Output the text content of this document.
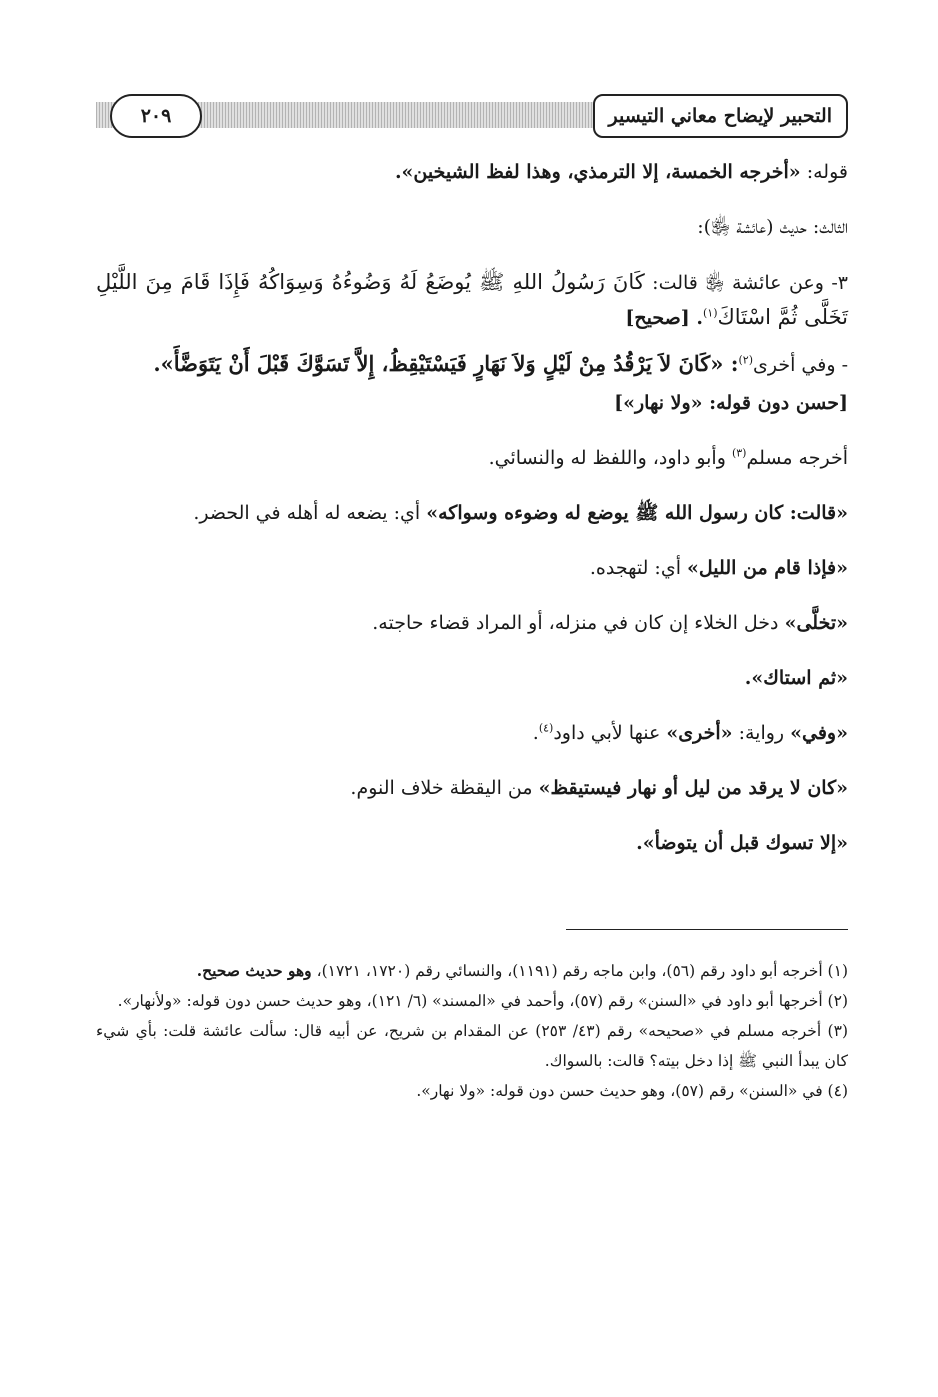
التحبير لإيضاح معاني التيسير
٢٠٩

قوله: «أخرجه الخمسة، إلا الترمذي، وهذا لفظ الشيخين».

الثالث: حديث (عائشة ﵂):

٣- وعن عائشة ﵂ قالت: كَانَ رَسُولُ اللهِ ﷺ يُوضَعُ لَهُ وَضُوءُهُ وَسِوَاكُهُ فَإِذَا قَامَ مِنَ اللَّيْلِ تَخَلَّى ثُمَّ اسْتَاكَ$^{(١)}$. [صحيح]

- وفي أخرى$^{(٢)}$: «كَانَ لاَ يَرْقُدُ مِنْ لَيْلٍ وَلاَ نَهَارٍ فَيَسْتَيْقِظُ، إِلاَّ تَسَوَّكَ قَبْلَ أَنْ يَتَوَضَّأَ».

[حسن دون قوله: «ولا نهار»]

أخرجه مسلم$^{(٣)}$ وأبو داود، واللفظ له والنسائي.

«قالت: كان رسول الله ﷺ يوضع له وضوءه وسواكه» أي: يضعه له أهله في الحضر.

«فإذا قام من الليل» أي: لتهجده.

«تخلَّى» دخل الخلاء إن كان في منزله، أو المراد قضاء حاجته.

«ثم استاك».

«وفي» رواية: «أخرى» عنها لأبي داود$^{(٤)}$.

«كان لا يرقد من ليل أو نهار فيستيقظ» من اليقظة خلاف النوم.

«إلا تسوك قبل أن يتوضأ».

(١) أخرجه أبو داود رقم (٥٦)، وابن ماجه رقم (١١٩١)، والنسائي رقم (١٧٢٠، ١٧٢١)، وهو حديث صحيح.

(٢) أخرجها أبو داود في «السنن» رقم (٥٧)، وأحمد في «المسند» (٦/ ١٢١)، وهو حديث حسن دون قوله: «ولأنهار».

(٣) أخرجه مسلم في «صحيحه» رقم (٤٣/ ٢٥٣) عن المقدام بن شريح، عن أبيه قال: سألت عائشة قلت: بأي شيء كان يبدأ النبي ﷺ إذا دخل بيته؟ قالت: بالسواك.

(٤) في «السنن» رقم (٥٧)، وهو حديث حسن دون قوله: «ولا نهار».
